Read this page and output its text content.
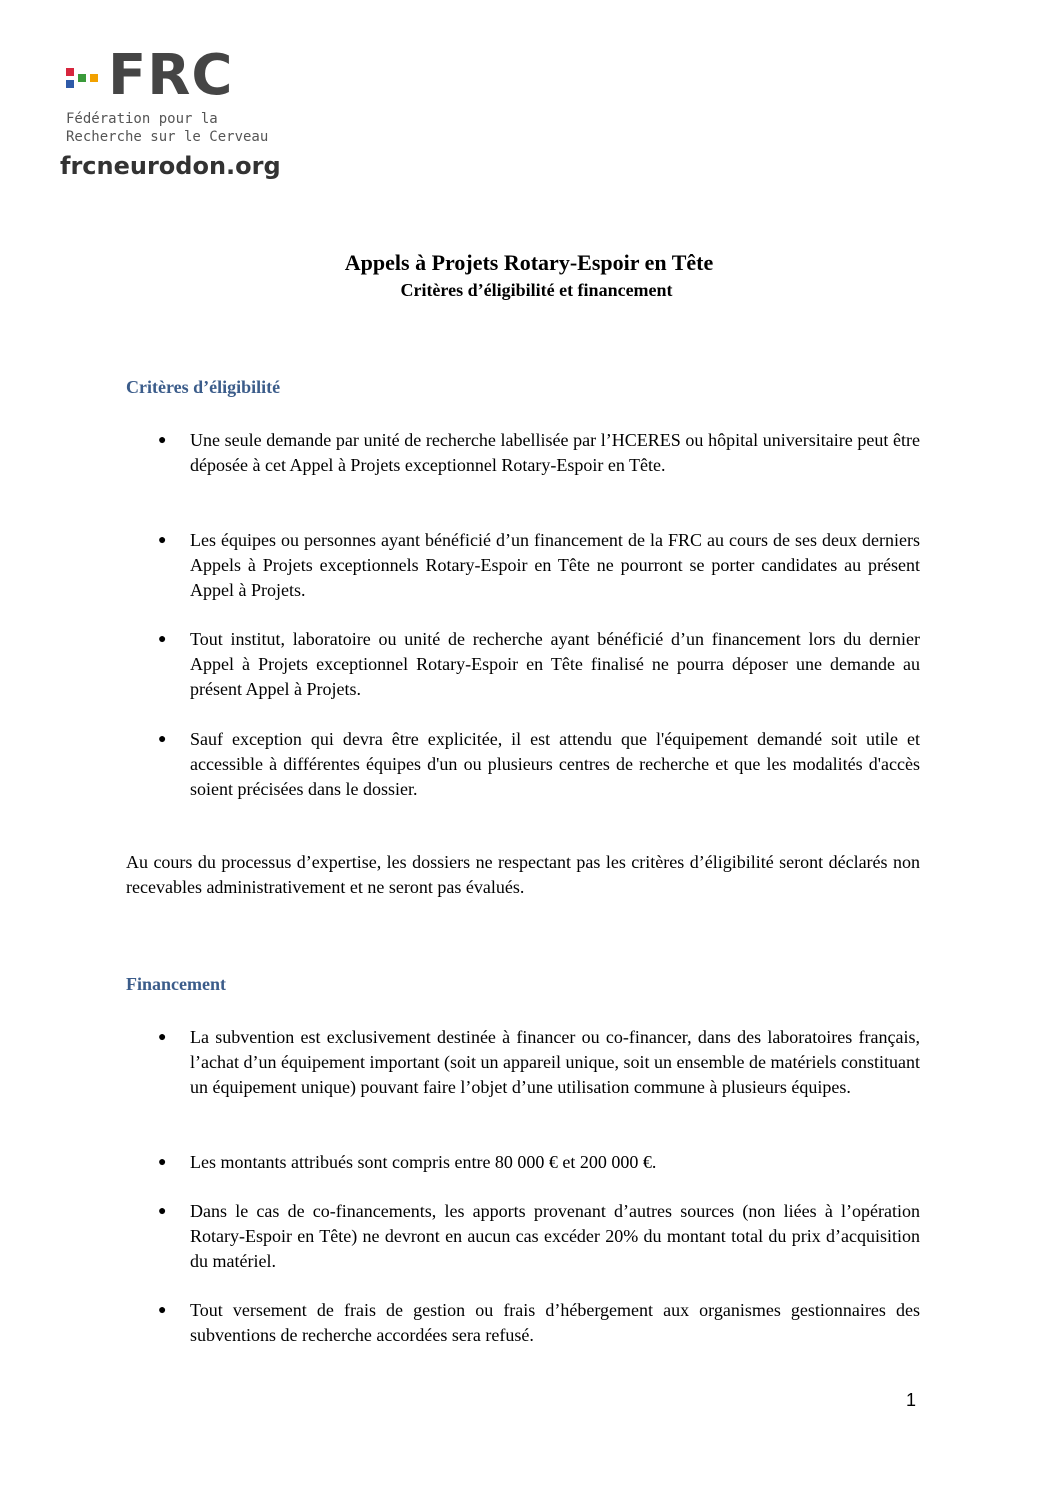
FRC
Fédération pour la
Recherche sur le Cerveau
frcneurodon.org
Appels à Projets Rotary-Espoir en Tête
Critères d’éligibilité et financement
Critères d’éligibilité
● Une seule demande par unité de recherche labellisée par l’HCERES ou hôpital universitaire peut être déposée à cet Appel à Projets exceptionnel Rotary-Espoir en Tête.
● Les équipes ou personnes ayant bénéficié d’un financement de la FRC au cours de ses deux derniers Appels à Projets exceptionnels Rotary-Espoir en Tête ne pourront se porter candidates au présent Appel à Projets.
● Tout institut, laboratoire ou unité de recherche ayant bénéficié d’un financement lors du dernier Appel à Projets exceptionnel Rotary-Espoir en Tête finalisé ne pourra déposer une demande au présent Appel à Projets.
● Sauf exception qui devra être explicitée, il est attendu que l'équipement demandé soit utile et accessible à différentes équipes d'un ou plusieurs centres de recherche et que les modalités d'accès soient précisées dans le dossier.
Au cours du processus d’expertise, les dossiers ne respectant pas les critères d’éligibilité seront déclarés non recevables administrativement et ne seront pas évalués.
Financement
● La subvention est exclusivement destinée à financer ou co-financer, dans des laboratoires français, l’achat d’un équipement important (soit un appareil unique, soit un ensemble de matériels constituant un équipement unique) pouvant faire l’objet d’une utilisation commune à plusieurs équipes.
● Les montants attribués sont compris entre 80 000 € et 200 000 €.
● Dans le cas de co-financements, les apports provenant d’autres sources (non liées à l’opération Rotary-Espoir en Tête) ne devront en aucun cas excéder 20% du montant total du prix d’acquisition du matériel.
● Tout versement de frais de gestion ou frais d’hébergement aux organismes gestionnaires des subventions de recherche accordées sera refusé.
1
